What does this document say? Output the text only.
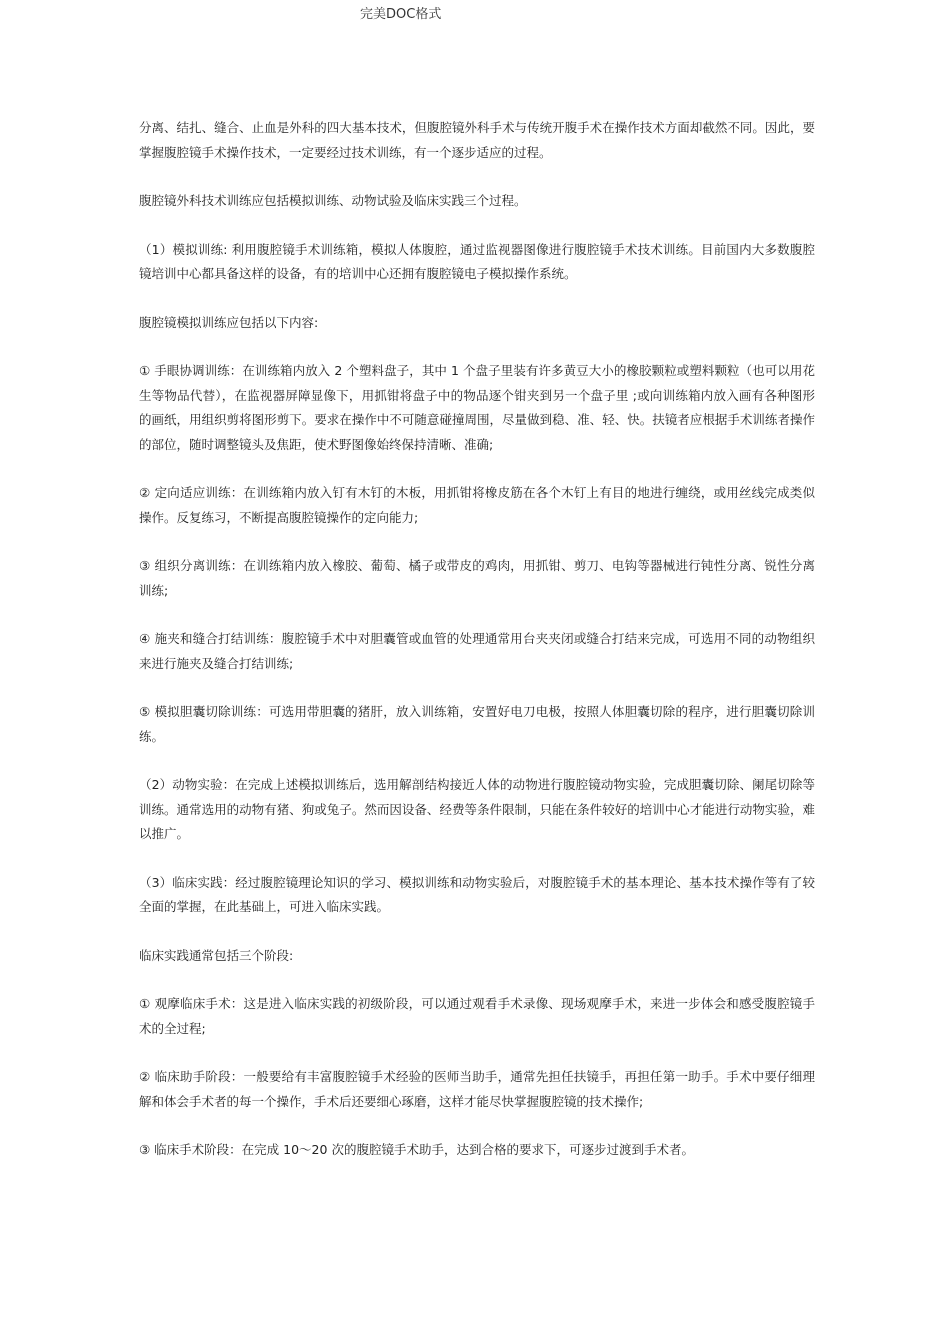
完美DOC格式

分离、结扎、缝合、止血是外科的四大基本技术，但腹腔镜外科手术与传统开腹手术在操作技术方面却截然不同。因此，要掌握腹腔镜手术操作技术，一定要经过技术训练，有一个逐步适应的过程。

腹腔镜外科技术训练应包括模拟训练、动物试验及临床实践三个过程。

（1）模拟训练: 利用腹腔镜手术训练箱，模拟人体腹腔，通过监视器图像进行腹腔镜手术技术训练。目前国内大多数腹腔镜培训中心都具备这样的设备，有的培训中心还拥有腹腔镜电子模拟操作系统。

腹腔镜模拟训练应包括以下内容:

① 手眼协调训练：在训练箱内放入 2 个塑料盘子，其中 1 个盘子里装有许多黄豆大小的橡胶颗粒或塑料颗粒（也可以用花生等物品代替），在监视器屏障显像下，用抓钳将盘子中的物品逐个钳夹到另一个盘子里 ;或向训练箱内放入画有各种图形的画纸，用组织剪将图形剪下。要求在操作中不可随意碰撞周围，尽量做到稳、准、轻、快。扶镜者应根据手术训练者操作的部位，随时调整镜头及焦距，使术野图像始终保持清晰、准确;

② 定向适应训练：在训练箱内放入钉有木钉的木板，用抓钳将橡皮筋在各个木钉上有目的地进行缠绕，或用丝线完成类似操作。反复练习，不断提高腹腔镜操作的定向能力;

③ 组织分离训练：在训练箱内放入橡胶、葡萄、橘子或带皮的鸡肉，用抓钳、剪刀、电钩等器械进行钝性分离、锐性分离训练;

④ 施夹和缝合打结训练：腹腔镜手术中对胆囊管或血管的处理通常用台夹夹闭或缝合打结来完成，可选用不同的动物组织来进行施夹及缝合打结训练;

⑤ 模拟胆囊切除训练：可选用带胆囊的猪肝，放入训练箱，安置好电刀电极，按照人体胆囊切除的程序，进行胆囊切除训练。

（2）动物实验：在完成上述模拟训练后，选用解剖结构接近人体的动物进行腹腔镜动物实验，完成胆囊切除、阑尾切除等训练。通常选用的动物有猪、狗或兔子。然而因设备、经费等条件限制，只能在条件较好的培训中心才能进行动物实验，难以推广。

（3）临床实践：经过腹腔镜理论知识的学习、模拟训练和动物实验后，对腹腔镜手术的基本理论、基本技术操作等有了较全面的掌握，在此基础上，可进入临床实践。

临床实践通常包括三个阶段:

① 观摩临床手术：这是进入临床实践的初级阶段，可以通过观看手术录像、现场观摩手术，来进一步体会和感受腹腔镜手术的全过程;

② 临床助手阶段：一般要给有丰富腹腔镜手术经验的医师当助手，通常先担任扶镜手，再担任第一助手。手术中要仔细理解和体会手术者的每一个操作，手术后还要细心琢磨，这样才能尽快掌握腹腔镜的技术操作;

③ 临床手术阶段：在完成 10～20 次的腹腔镜手术助手，达到合格的要求下，可逐步过渡到手术者。
